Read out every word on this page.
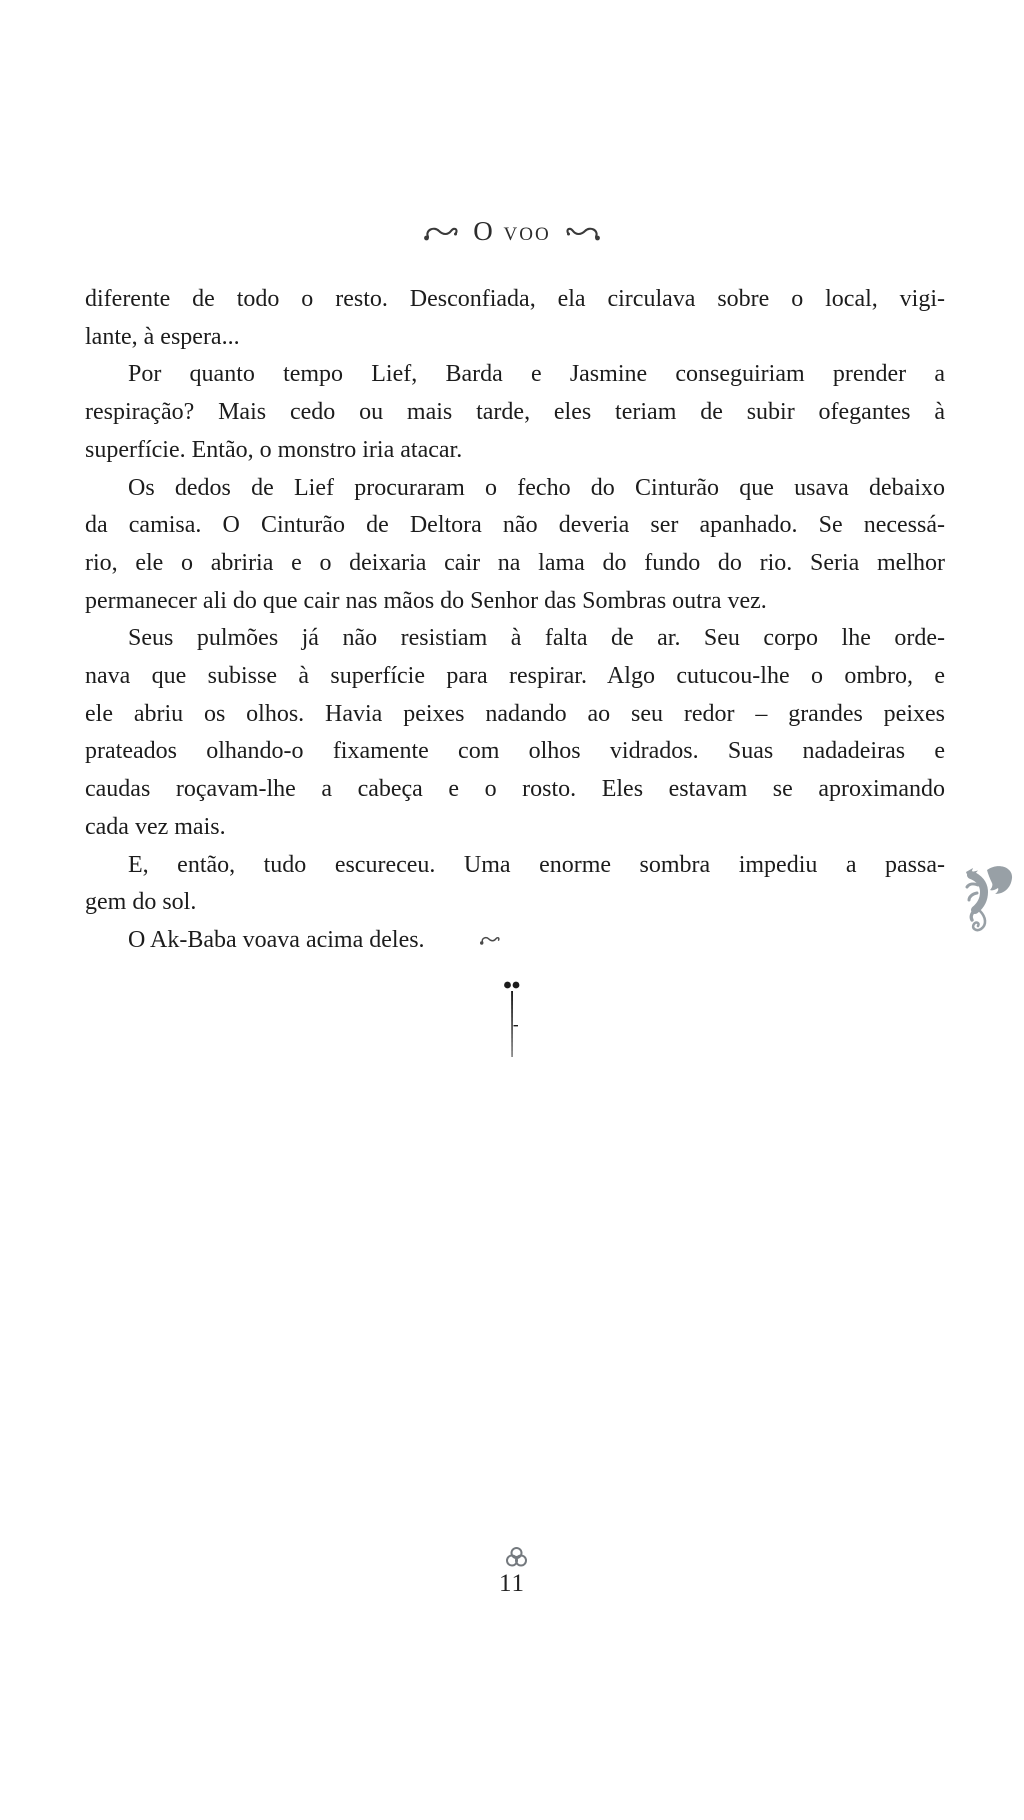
O voo
diferente de todo o resto. Desconfiada, ela circulava sobre o local, vigi-
lante, à espera...
Por quanto tempo Lief, Barda e Jasmine conseguiriam prender a
respiração? Mais cedo ou mais tarde, eles teriam de subir ofegantes à
superfície. Então, o monstro iria atacar.
Os dedos de Lief procuraram o fecho do Cinturão que usava debaixo
da camisa. O Cinturão de Deltora não deveria ser apanhado. Se necessá-
rio, ele o abriria e o deixaria cair na lama do fundo do rio. Seria melhor
permanecer ali do que cair nas mãos do Senhor das Sombras outra vez.
Seus pulmões já não resistiam à falta de ar. Seu corpo lhe orde-
nava que subisse à superfície para respirar. Algo cutucou-lhe o ombro, e
ele abriu os olhos. Havia peixes nadando ao seu redor – grandes peixes
prateados olhando-o fixamente com olhos vidrados. Suas nadadeiras e
caudas roçavam-lhe a cabeça e o rosto. Eles estavam se aproximando
cada vez mais.
E, então, tudo escureceu. Uma enorme sombra impediu a passa-
gem do sol.
O Ak-Baba voava acima deles.
11
